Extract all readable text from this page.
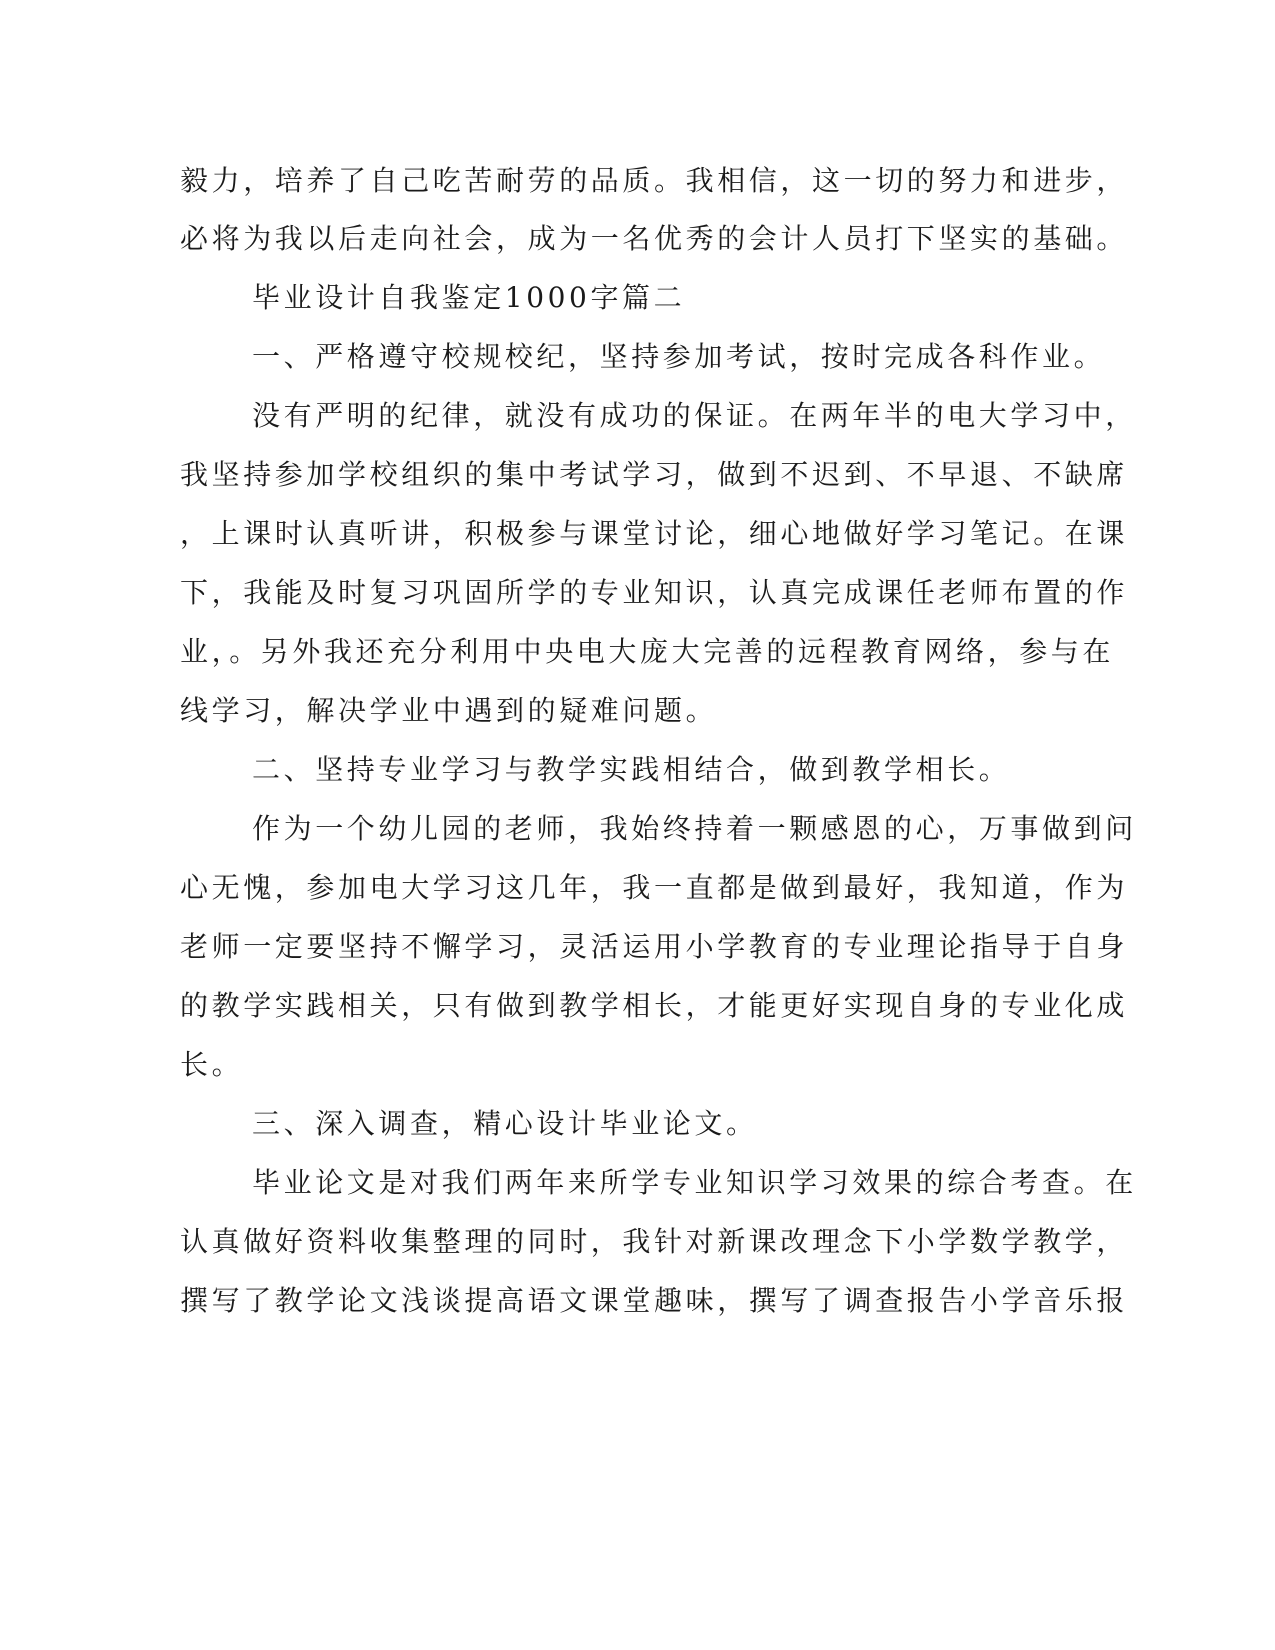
毅力，培养了自己吃苦耐劳的品质。我相信，这一切的努力和进步，

必将为我以后走向社会，成为一名优秀的会计人员打下坚实的基础。

毕业设计自我鉴定1000字篇二

一、严格遵守校规校纪，坚持参加考试，按时完成各科作业。

没有严明的纪律，就没有成功的保证。在两年半的电大学习中，

我坚持参加学校组织的集中考试学习，做到不迟到、不早退、不缺席

，上课时认真听讲，积极参与课堂讨论，细心地做好学习笔记。在课

下，我能及时复习巩固所学的专业知识，认真完成课任老师布置的作

业，。另外我还充分利用中央电大庞大完善的远程教育网络，参与在

线学习，解决学业中遇到的疑难问题。

二、坚持专业学习与教学实践相结合，做到教学相长。

作为一个幼儿园的老师，我始终持着一颗感恩的心，万事做到问

心无愧，参加电大学习这几年，我一直都是做到最好，我知道，作为

老师一定要坚持不懈学习，灵活运用小学教育的专业理论指导于自身

的教学实践相关，只有做到教学相长，才能更好实现自身的专业化成

长。

三、深入调查，精心设计毕业论文。

毕业论文是对我们两年来所学专业知识学习效果的综合考查。在

认真做好资料收集整理的同时，我针对新课改理念下小学数学教学，

撰写了教学论文浅谈提高语文课堂趣味，撰写了调查报告小学音乐报
